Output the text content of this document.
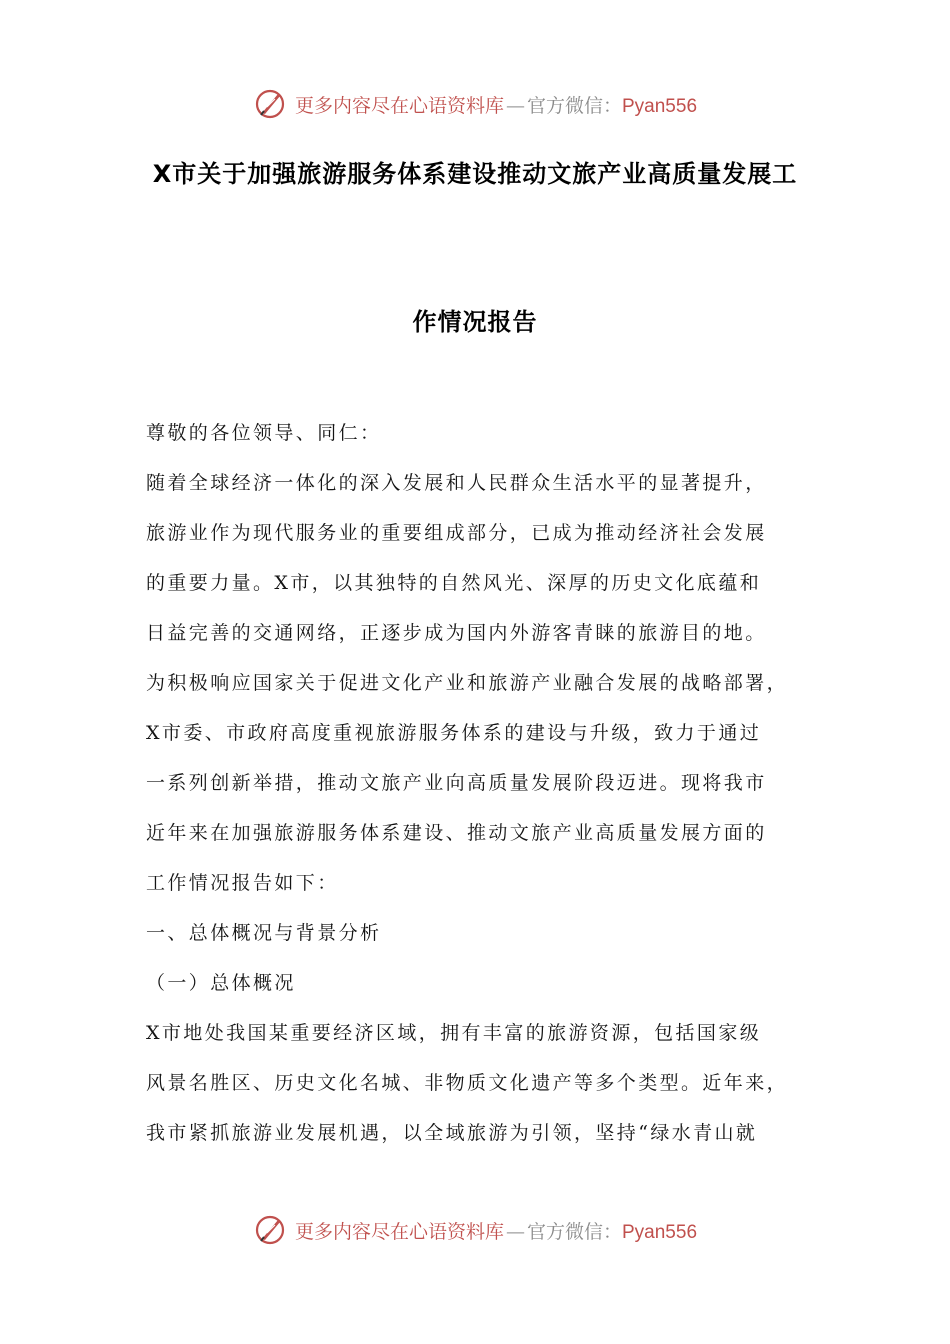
更多内容尽在心语资料库 — 官方微信： Pyan556
X市关于加强旅游服务体系建设推动文旅产业高质量发展工
作情况报告
尊敬的各位领导、同仁：
随着全球经济一体化的深入发展和人民群众生活水平的显著提升，
旅游业作为现代服务业的重要组成部分，已成为推动经济社会发展
的重要力量。X市，以其独特的自然风光、深厚的历史文化底蕴和
日益完善的交通网络，正逐步成为国内外游客青睐的旅游目的地。
为积极响应国家关于促进文化产业和旅游产业融合发展的战略部署，
X市委、市政府高度重视旅游服务体系的建设与升级，致力于通过
一系列创新举措，推动文旅产业向高质量发展阶段迈进。现将我市
近年来在加强旅游服务体系建设、推动文旅产业高质量发展方面的
工作情况报告如下：
一、总体概况与背景分析
（一）总体概况
X市地处我国某重要经济区域，拥有丰富的旅游资源，包括国家级
风景名胜区、历史文化名城、非物质文化遗产等多个类型。近年来，
我市紧抓旅游业发展机遇，以全域旅游为引领，坚持“绿水青山就
更多内容尽在心语资料库 — 官方微信： Pyan556
